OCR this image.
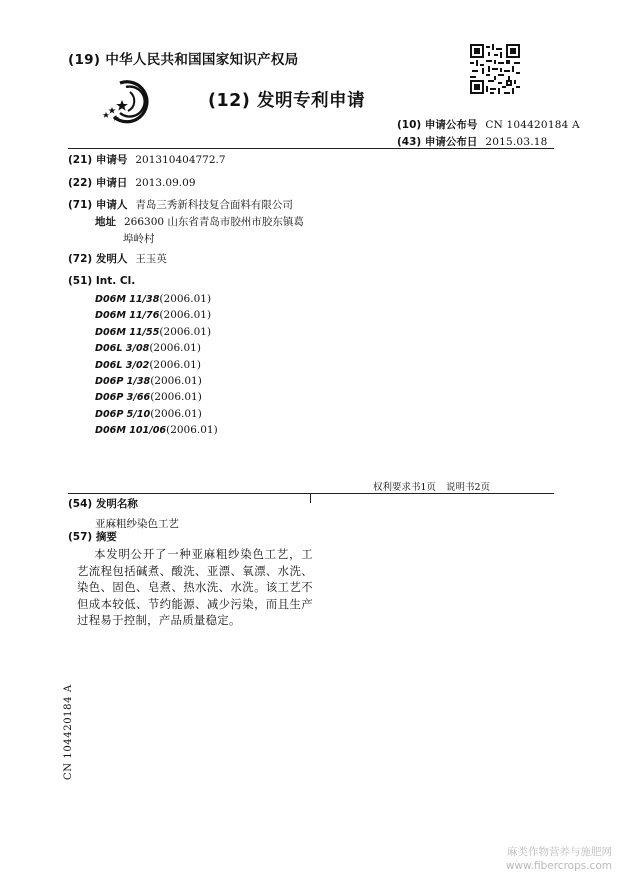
(19) 中华人民共和国国家知识产权局
(12) 发明专利申请
(10) 申请公布号 CN 104420184 A
(43) 申请公布日 2015.03.18
(21) 申请号 201310404772.7
(22) 申请日 2013.09.09
(71) 申请人 青岛三秀新科技复合面料有限公司
地址 266300 山东省青岛市胶州市胶东镇葛
埠岭村
(72) 发明人 王玉英
(51) Int. Cl.
D06M 11/38(2006.01)
D06M 11/76(2006.01)
D06M 11/55(2006.01)
D06L 3/08(2006.01)
D06L 3/02(2006.01)
D06P 1/38(2006.01)
D06P 3/66(2006.01)
D06P 5/10(2006.01)
D06M 101/06(2006.01)
权利要求书1页 说明书2页
(54) 发明名称
亚麻粗纱染色工艺
(57) 摘要
本发明公开了一种亚麻粗纱染色工艺，工艺流程包括碱煮、酸洗、亚漂、氧漂、水洗、染色、固色、皂煮、热水洗、水洗。该工艺不但成本较低、节约能源、减少污染，而且生产过程易于控制，产品质量稳定。
CN 104420184 A
麻类作物营养与施肥网
www.fibercrops.com
